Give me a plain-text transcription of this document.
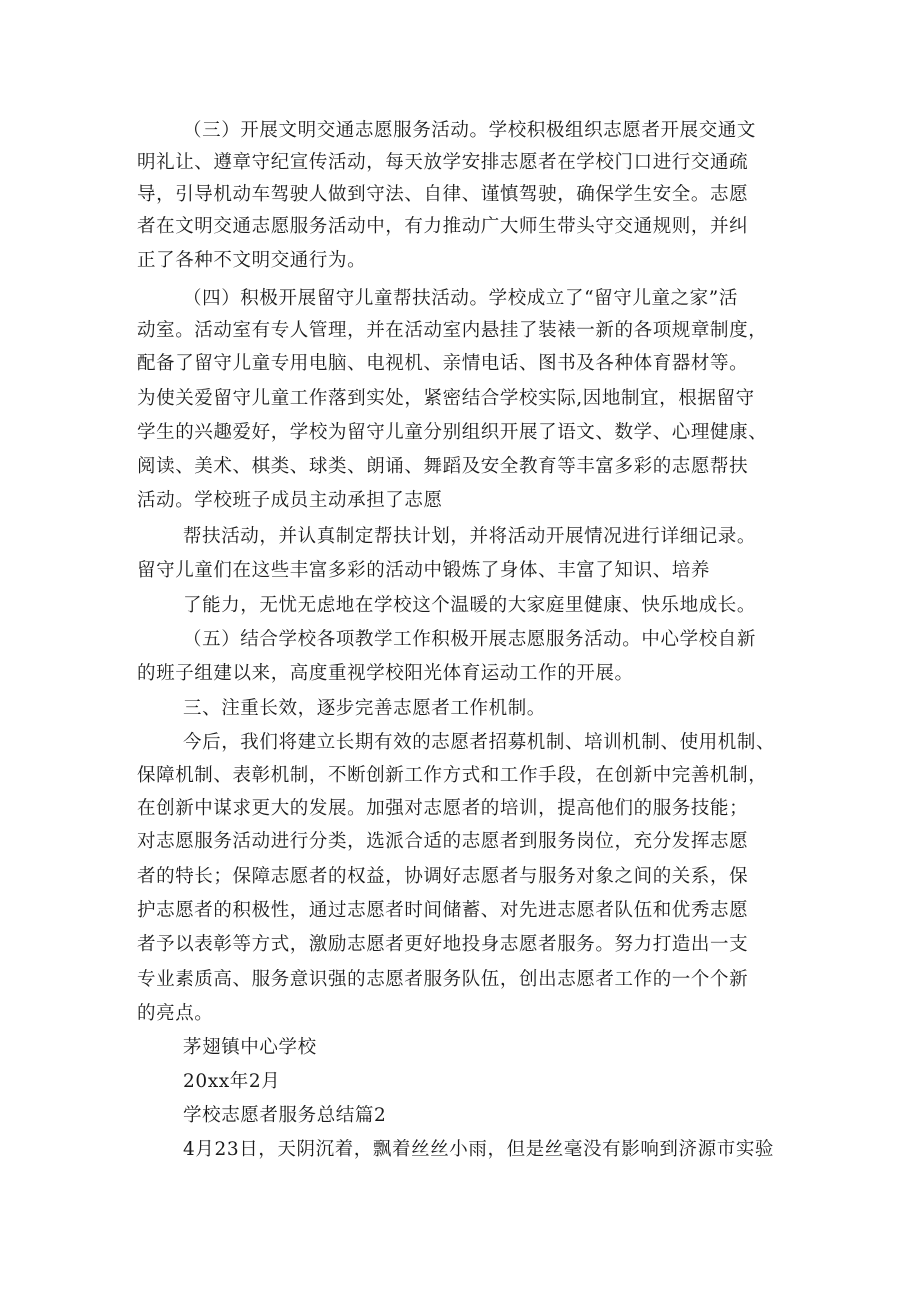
（三）开展文明交通志愿服务活动。学校积极组织志愿者开展交通文
明礼让、遵章守纪宣传活动，每天放学安排志愿者在学校门口进行交通疏
导，引导机动车驾驶人做到守法、自律、谨慎驾驶，确保学生安全。志愿
者在文明交通志愿服务活动中，有力推动广大师生带头守交通规则，并纠
正了各种不文明交通行为。
（四）积极开展留守儿童帮扶活动。学校成立了“留守儿童之家”活
动室。活动室有专人管理，并在活动室内悬挂了装裱一新的各项规章制度，
配备了留守儿童专用电脑、电视机、亲情电话、图书及各种体育器材等。
为使关爱留守儿童工作落到实处，紧密结合学校实际,因地制宜，根据留守
学生的兴趣爱好，学校为留守儿童分别组织开展了语文、数学、心理健康、
阅读、美术、棋类、球类、朗诵、舞蹈及安全教育等丰富多彩的志愿帮扶
活动。学校班子成员主动承担了志愿
帮扶活动，并认真制定帮扶计划，并将活动开展情况进行详细记录。
留守儿童们在这些丰富多彩的活动中锻炼了身体、丰富了知识、培养
了能力，无忧无虑地在学校这个温暖的大家庭里健康、快乐地成长。
（五）结合学校各项教学工作积极开展志愿服务活动。中心学校自新
的班子组建以来，高度重视学校阳光体育运动工作的开展。
三、注重长效，逐步完善志愿者工作机制。
今后，我们将建立长期有效的志愿者招募机制、培训机制、使用机制、
保障机制、表彰机制，不断创新工作方式和工作手段，在创新中完善机制，
在创新中谋求更大的发展。加强对志愿者的培训，提高他们的服务技能；
对志愿服务活动进行分类，选派合适的志愿者到服务岗位，充分发挥志愿
者的特长；保障志愿者的权益，协调好志愿者与服务对象之间的关系，保
护志愿者的积极性，通过志愿者时间储蓄、对先进志愿者队伍和优秀志愿
者予以表彰等方式，激励志愿者更好地投身志愿者服务。努力打造出一支
专业素质高、服务意识强的志愿者服务队伍，创出志愿者工作的一个个新
的亮点。
茅翅镇中心学校
20xx年2月
学校志愿者服务总结篇2
4月23日，天阴沉着，飘着丝丝小雨，但是丝毫没有影响到济源市实验
